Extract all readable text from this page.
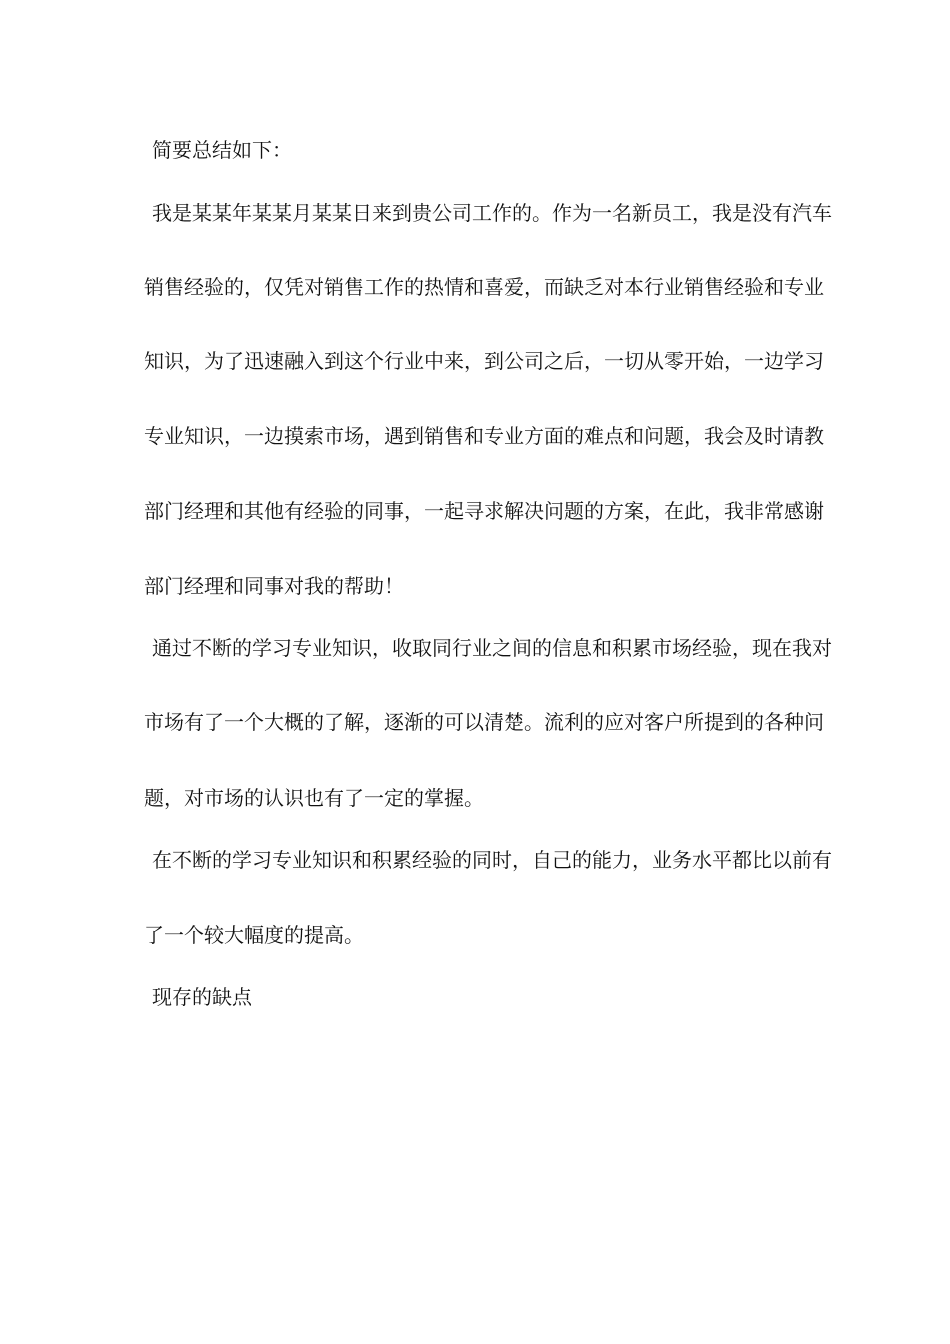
简要总结如下：
我是某某年某某月某某日来到贵公司工作的。作为一名新员工，我是没有汽车
销售经验的，仅凭对销售工作的热情和喜爱，而缺乏对本行业销售经验和专业
知识，为了迅速融入到这个行业中来，到公司之后，一切从零开始，一边学习
专业知识，一边摸索市场，遇到销售和专业方面的难点和问题，我会及时请教
部门经理和其他有经验的同事，一起寻求解决问题的方案，在此，我非常感谢
部门经理和同事对我的帮助！
通过不断的学习专业知识，收取同行业之间的信息和积累市场经验，现在我对
市场有了一个大概的了解，逐渐的可以清楚。流利的应对客户所提到的各种问
题，对市场的认识也有了一定的掌握。
在不断的学习专业知识和积累经验的同时，自己的能力，业务水平都比以前有
了一个较大幅度的提高。
现存的缺点
